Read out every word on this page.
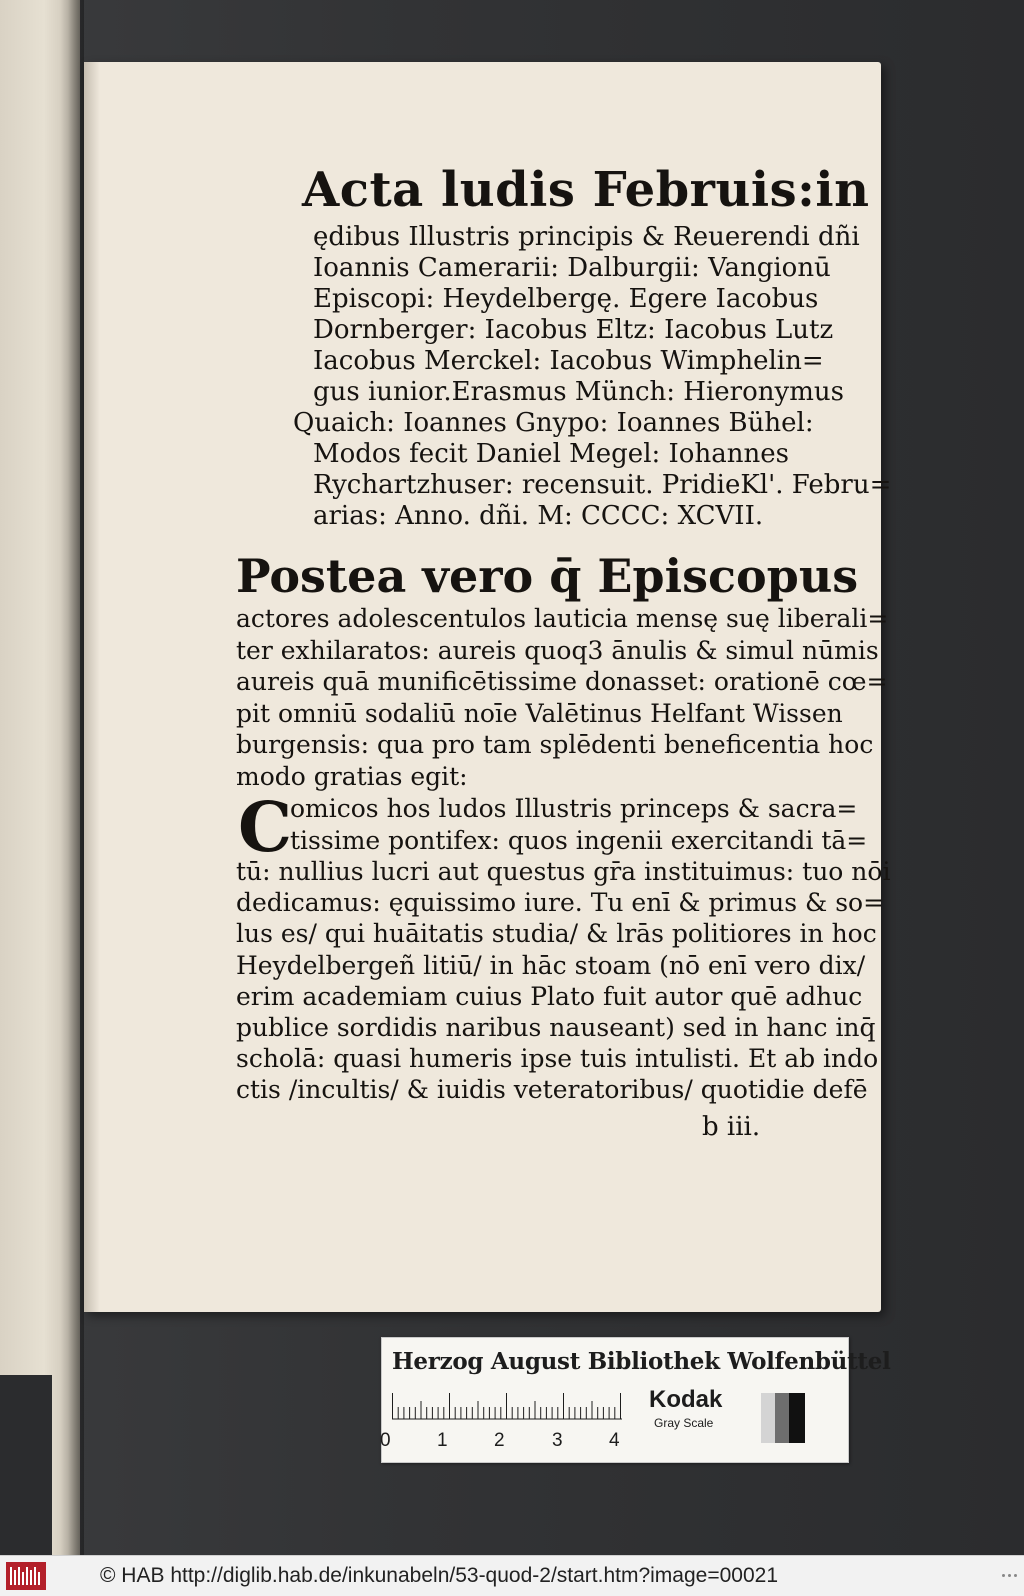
Acta ludis Februis:in
ędibus Illustris principis & Reuerendi dñi
Ioannis Camerarii: Dalburgii: Vangionū
Episcopi: Heydelbergę. Egere Iacobus
Dornberger: Iacobus Eltz: Iacobus Lutz
Iacobus Merckel: Iacobus Wimphelin=
gus iunior.Erasmus Münch: Hieronymus
Quaich: Ioannes Gnypo: Ioannes Bühel:
Modos fecit Daniel Megel: Iohannes
Rychartzhuser: recensuit. PridieKl'. Febru=
arias: Anno. dñi. M: CCCC: XCVII.
Postea vero q̄ Episcopus
actores adolescentulos lauticia mensę suę liberali=
ter exhilaratos: aureis quoq3 ānulis & simul nūmis
aureis quā munificētissime donasset: orationē cœ=
pit omniū sodaliū noīe Valētinus Helfant Wissen
burgensis: qua pro tam splēdenti beneficentia hoc
modo gratias egit:
C
omicos hos ludos Illustris princeps & sacra=
tissime pontifex: quos ingenii exercitandi tā=
tū: nullius lucri aut questus gr̄a instituimus: tuo nōi
dedicamus: ęquissimo iure. Tu enī & primus & so=
lus es/ qui huāitatis studia/ & lrās politiores in hoc
Heydelbergeñ litiū/ in hāc stoam (nō enī vero dix/
erim academiam cuius Plato fuit autor quē adhuc
publice sordidis naribus nauseant) sed in hanc inq̄
scholā: quasi humeris ipse tuis intulisti. Et ab indo
ctis /incultis/ & iuidis veteratoribus/ quotidie defē
b iii.
Herzog August Bibliothek Wolfenbüttel
0 1 2 3 4
Kodak
Gray Scale
© HAB http://diglib.hab.de/inkunabeln/53-quod-2/start.htm?image=00021
